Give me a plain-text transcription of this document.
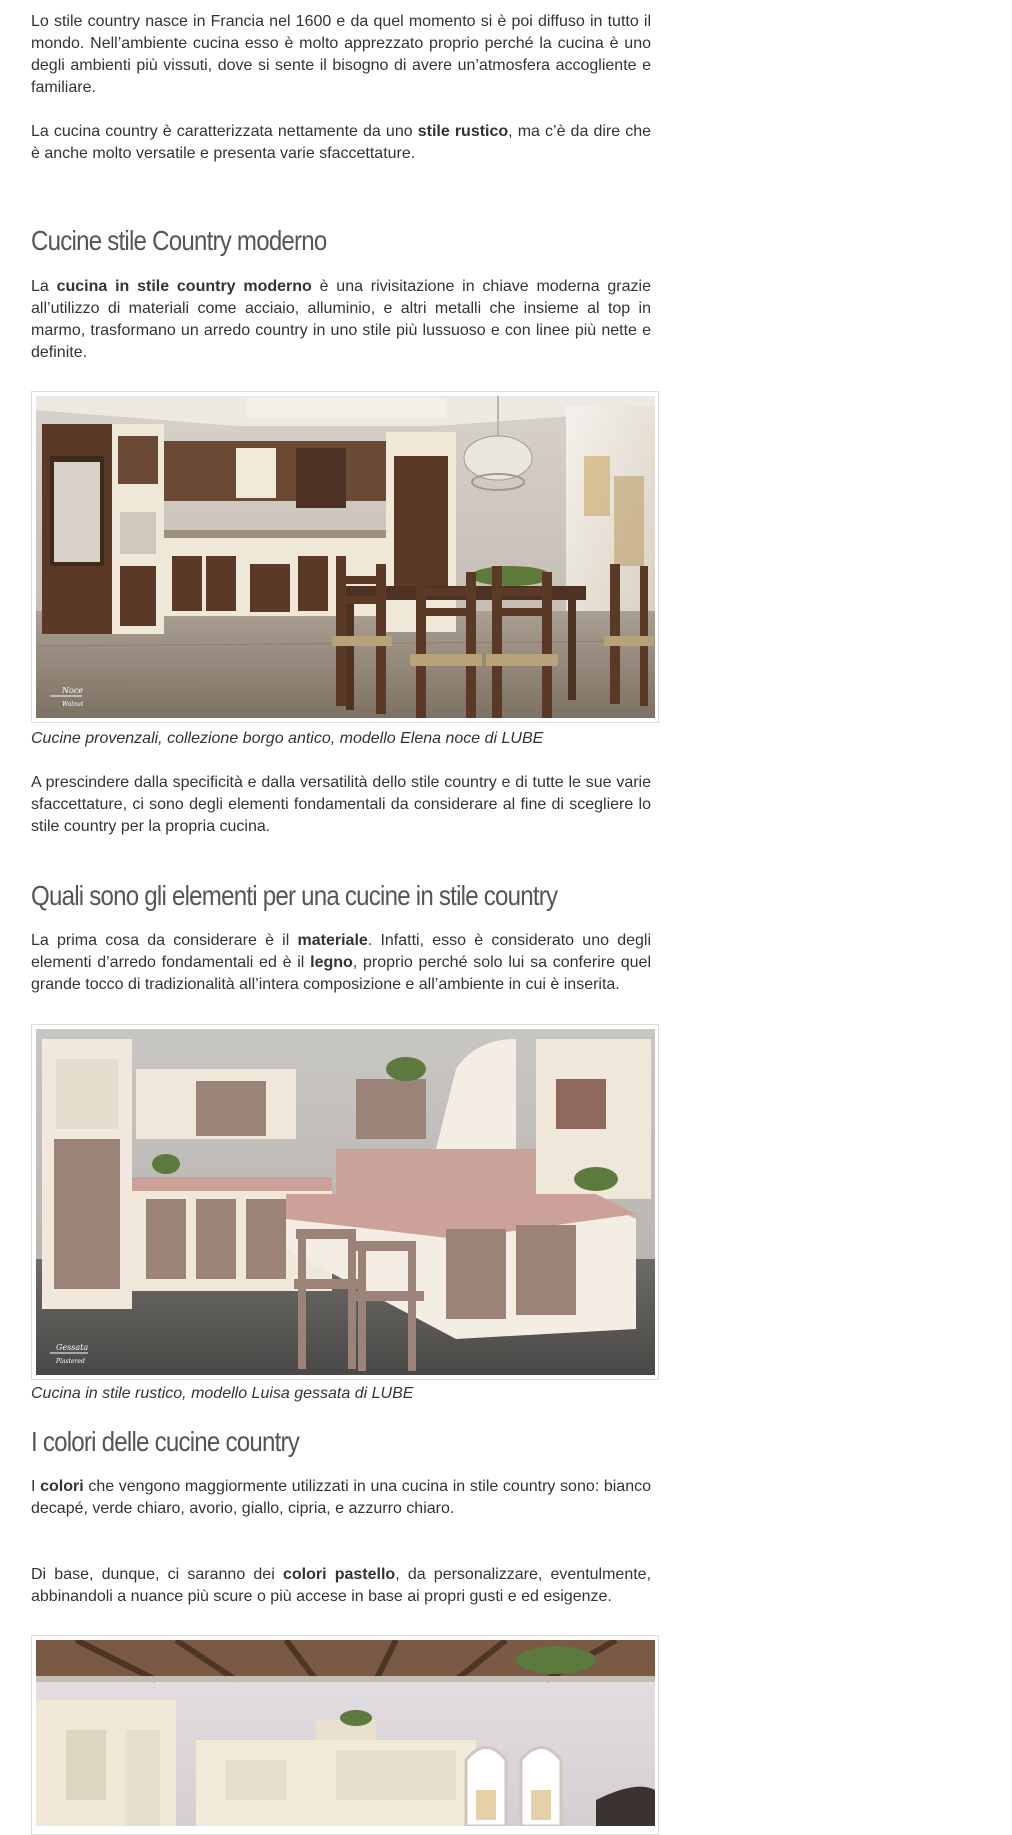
Lo stile country nasce in Francia nel 1600 e da quel momento si è poi diffuso in tutto il mondo. Nell’ambiente cucina esso è molto apprezzato proprio perché la cucina è uno degli ambienti più vissuti, dove si sente il bisogno di avere un’atmosfera accogliente e familiare.

La cucina country è caratterizzata nettamente da uno stile rustico, ma c’è da dire che è anche molto versatile e presenta varie sfaccettature.

Cucine stile Country moderno

La cucina in stile country moderno è una rivisitazione in chiave moderna grazie all’utilizzo di materiali come acciaio, alluminio, e altri metalli che insieme al top in marmo, trasformano un arredo country in uno stile più lussuoso e con linee più nette e definite.

Noce
Walnut
Cucine provenzali, collezione borgo antico, modello Elena noce di LUBE

A prescindere dalla specificità e dalla versatilità dello stile country e di tutte le sue varie sfaccettature, ci sono degli elementi fondamentali da considerare al fine di scegliere lo stile country per la propria cucina.

Quali sono gli elementi per una cucine in stile country

La prima cosa da considerare è il materiale. Infatti, esso è considerato uno degli elementi d’arredo fondamentali ed è il legno, proprio perché solo lui sa conferire quel grande tocco di tradizionalità all’intera composizione e all’ambiente in cui è inserita.

Gessata
Plastered
Cucina in stile rustico, modello Luisa gessata di LUBE
I colori delle cucine country

I colori che vengono maggiormente utilizzati in una cucina in stile country sono: bianco decapé, verde chiaro, avorio, giallo, cipria, e azzurro chiaro.

Di base, dunque, ci saranno dei colori pastello, da personalizzare, eventulmente, abbinandoli a nuance più scure o più accese in base ai propri gusti e ed esigenze.
